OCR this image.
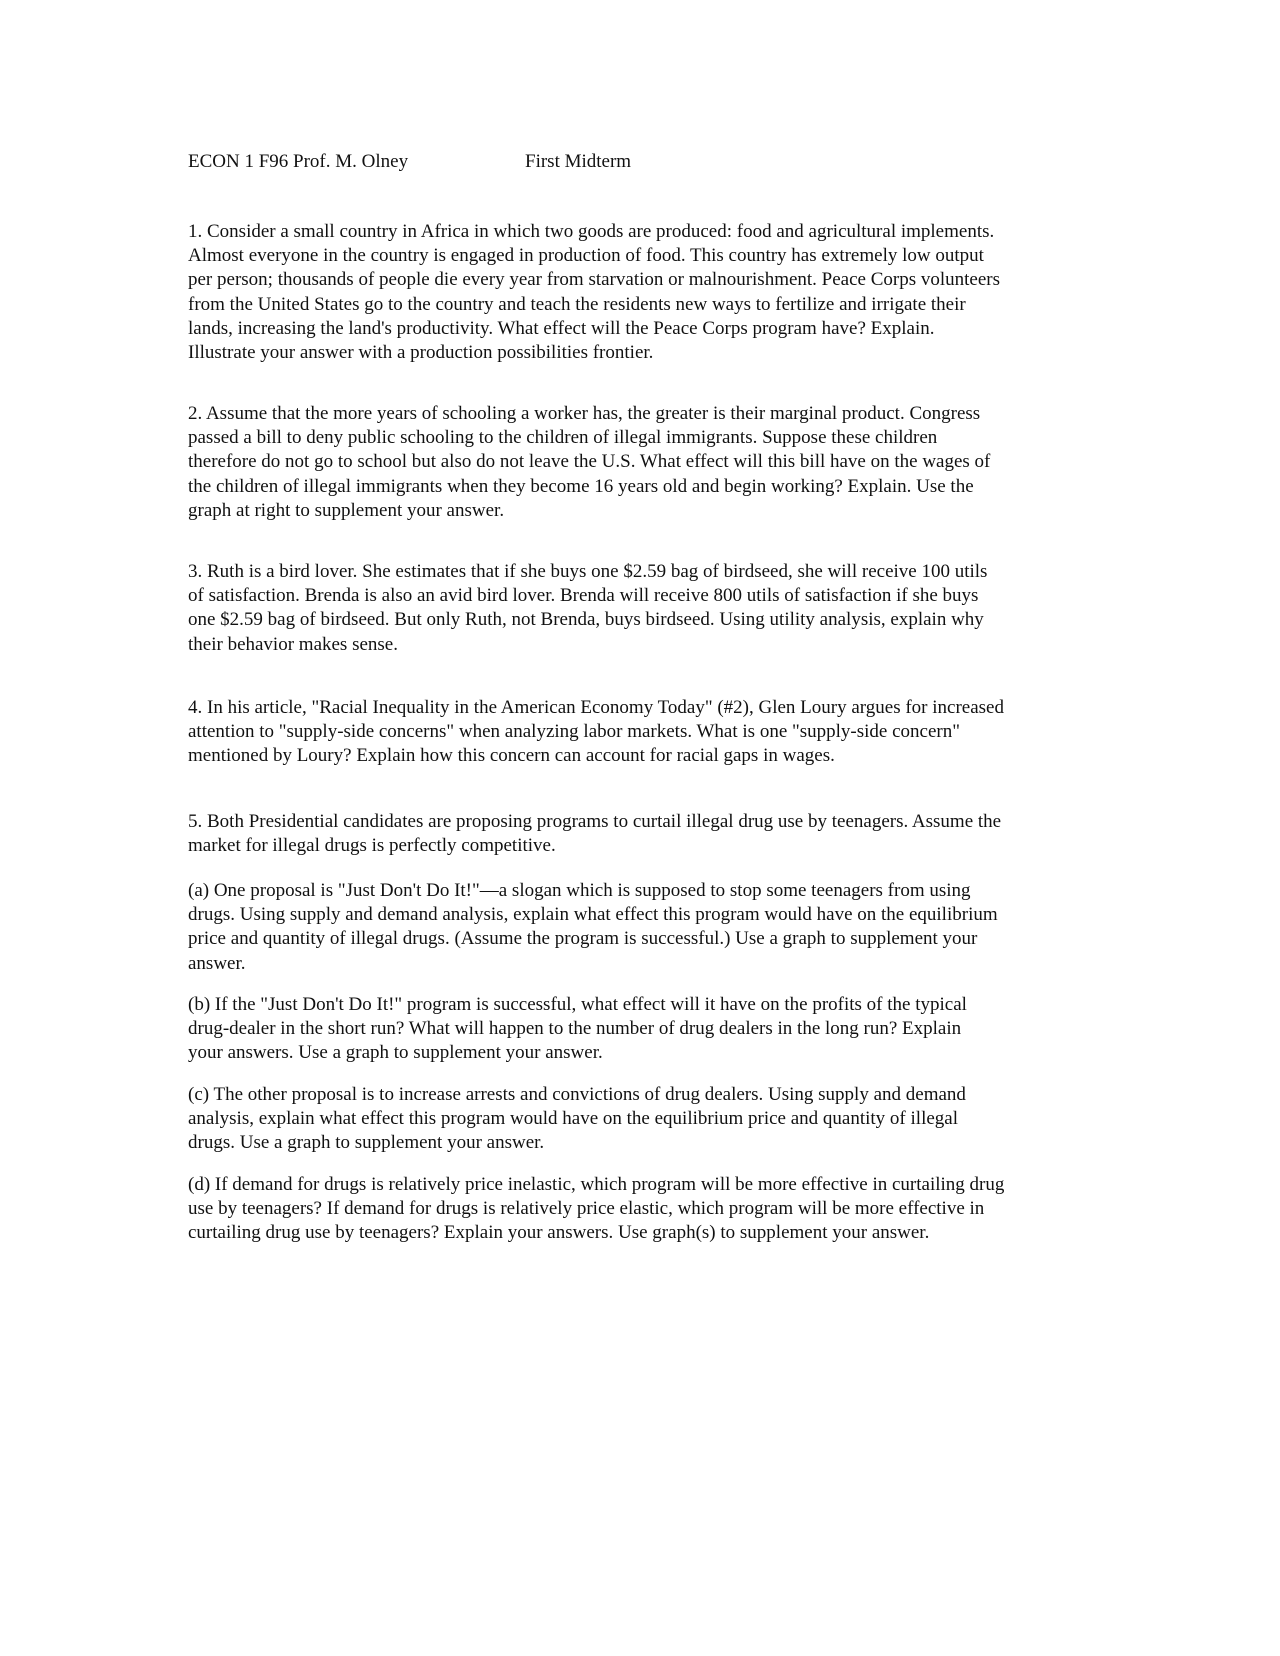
ECON 1 F96 Prof. M. Olney	First Midterm

1. Consider a small country in Africa in which two goods are produced: food and agricultural implements.
Almost everyone in the country is engaged in production of food. This country has extremely low output
per person; thousands of people die every year from starvation or malnourishment. Peace Corps volunteers
from the United States go to the country and teach the residents new ways to fertilize and irrigate their
lands, increasing the land's productivity. What effect will the Peace Corps program have? Explain.
Illustrate your answer with a production possibilities frontier.

2. Assume that the more years of schooling a worker has, the greater is their marginal product. Congress
passed a bill to deny public schooling to the children of illegal immigrants. Suppose these children
therefore do not go to school but also do not leave the U.S. What effect will this bill have on the wages of
the children of illegal immigrants when they become 16 years old and begin working? Explain. Use the
graph at right to supplement your answer.

3. Ruth is a bird lover. She estimates that if she buys one $2.59 bag of birdseed, she will receive 100 utils
of satisfaction. Brenda is also an avid bird lover. Brenda will receive 800 utils of satisfaction if she buys
one $2.59 bag of birdseed. But only Ruth, not Brenda, buys birdseed. Using utility analysis, explain why
their behavior makes sense.

4. In his article, "Racial Inequality in the American Economy Today" (#2), Glen Loury argues for increased
attention to "supply-side concerns" when analyzing labor markets. What is one "supply-side concern"
mentioned by Loury? Explain how this concern can account for racial gaps in wages.

5. Both Presidential candidates are proposing programs to curtail illegal drug use by teenagers. Assume the
market for illegal drugs is perfectly competitive.

(a) One proposal is "Just Don't Do It!"—a slogan which is supposed to stop some teenagers from using
drugs. Using supply and demand analysis, explain what effect this program would have on the equilibrium
price and quantity of illegal drugs. (Assume the program is successful.) Use a graph to supplement your
answer.

(b) If the "Just Don't Do It!" program is successful, what effect will it have on the profits of the typical
drug-dealer in the short run? What will happen to the number of drug dealers in the long run? Explain
your answers. Use a graph to supplement your answer.

(c) The other proposal is to increase arrests and convictions of drug dealers. Using supply and demand
analysis, explain what effect this program would have on the equilibrium price and quantity of illegal
drugs. Use a graph to supplement your answer.

(d) If demand for drugs is relatively price inelastic, which program will be more effective in curtailing drug
use by teenagers? If demand for drugs is relatively price elastic, which program will be more effective in
curtailing drug use by teenagers? Explain your answers. Use graph(s) to supplement your answer.
